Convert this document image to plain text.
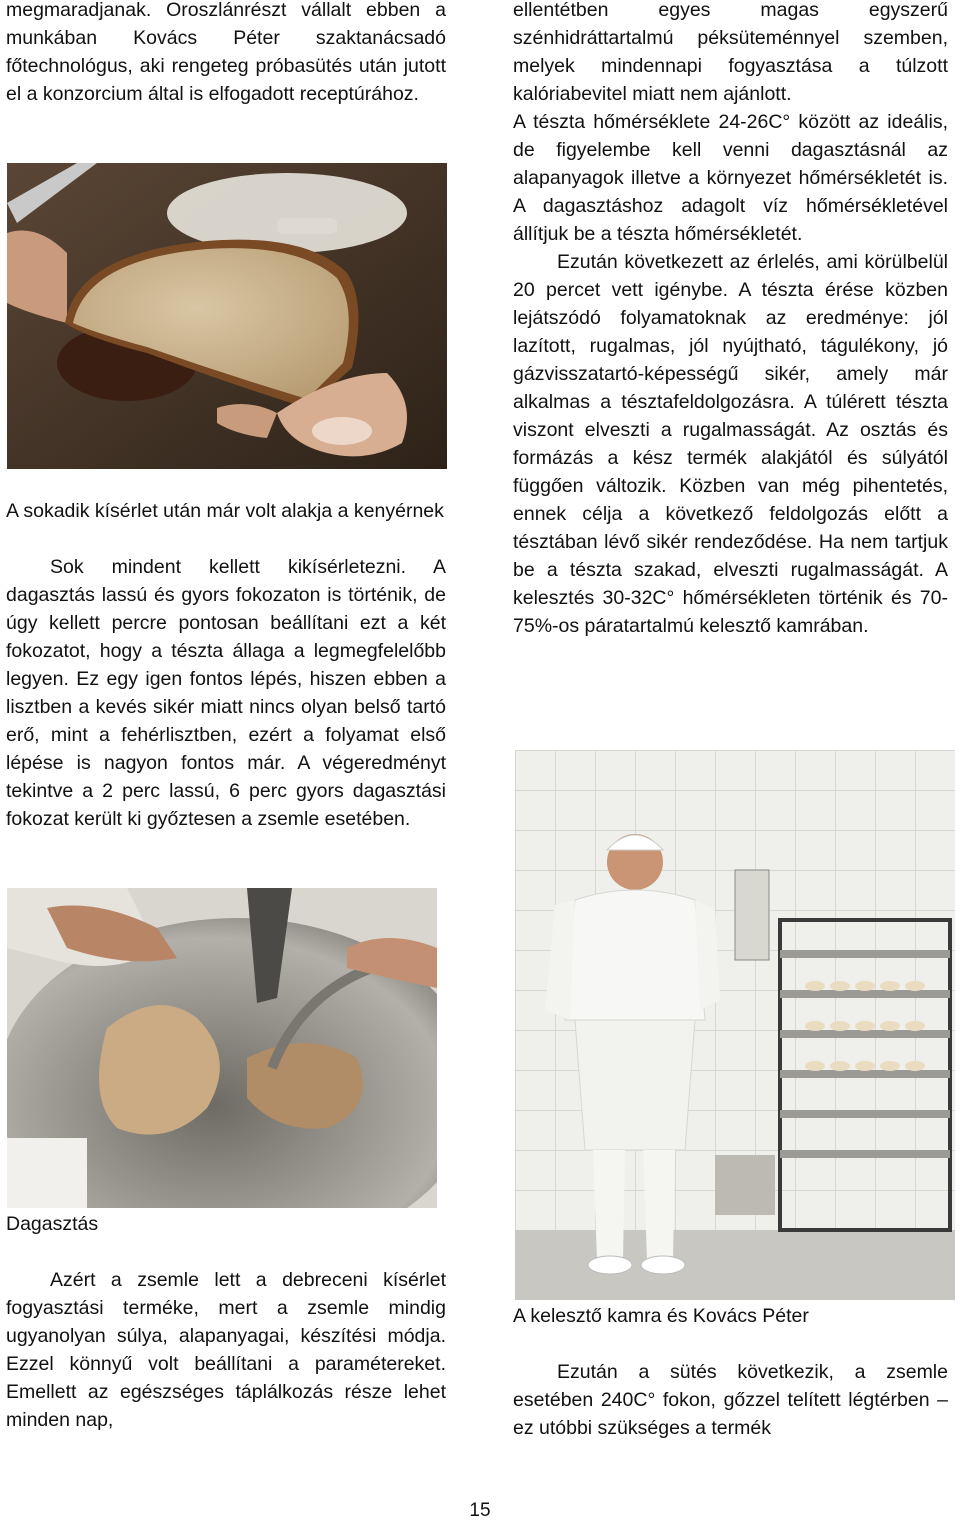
megmaradjanak. Oroszlánrészt vállalt ebben a munkában Kovács Péter szaktanácsadó főtechnológus, aki rengeteg próbasütés után jutott el a konzorcium által is elfogadott receptúrához.

A sokadik kísérlet után már volt alakja a kenyérnek

Sok mindent kellett kikísérletezni. A dagasztás lassú és gyors fokozaton is történik, de úgy kellett percre pontosan beállítani ezt a két fokozatot, hogy a tészta állaga a legmegfelelőbb legyen. Ez egy igen fontos lépés, hiszen ebben a lisztben a kevés sikér miatt nincs olyan belső tartó erő, mint a fehérlisztben, ezért a folyamat első lépése is nagyon fontos már. A végeredményt tekintve a 2 perc lassú, 6 perc gyors dagasztási fokozat került ki győztesen a zsemle esetében.

Dagasztás

Azért a zsemle lett a debreceni kísérlet fogyasztási terméke, mert a zsemle mindig ugyanolyan súlya, alapanyagai, készítési módja. Ezzel könnyű volt beállítani a paramétereket. Emellett az egészséges táplálkozás része lehet minden nap,

ellentétben egyes magas egyszerű szénhidráttartalmú péksüteménnyel szemben, melyek mindennapi fogyasztása a túlzott kalóriabevitel miatt nem ajánlott.

A tészta hőmérséklete 24-26C° között az ideális, de figyelembe kell venni dagasztásnál az alapanyagok illetve a környezet hőmérsékletét is. A dagasztáshoz adagolt víz hőmérsékletével állítjuk be a tészta hőmérsékletét.

Ezután következett az érlelés, ami körülbelül 20 percet vett igénybe. A tészta érése közben lejátszódó folyamatoknak az eredménye: jól lazított, rugalmas, jól nyújtható, tágulékony, jó gázvisszatartó-képességű sikér, amely már alkalmas a tésztafeldolgozásra. A túlérett tészta viszont elveszti a rugalmasságát. Az osztás és formázás a kész termék alakjától és súlyától függően változik. Közben van még pihentetés, ennek célja a következő feldolgozás előtt a tésztában lévő sikér rendeződése. Ha nem tartjuk be a tészta szakad, elveszti rugalmasságát. A kelesztés 30-32C° hőmérsékleten történik és 70-75%-os páratartalmú kelesztő kamrában.

A kelesztő kamra és Kovács Péter

Ezután a sütés következik, a zsemle esetében 240C° fokon, gőzzel telített légtérben – ez utóbbi szükséges a termék

15
